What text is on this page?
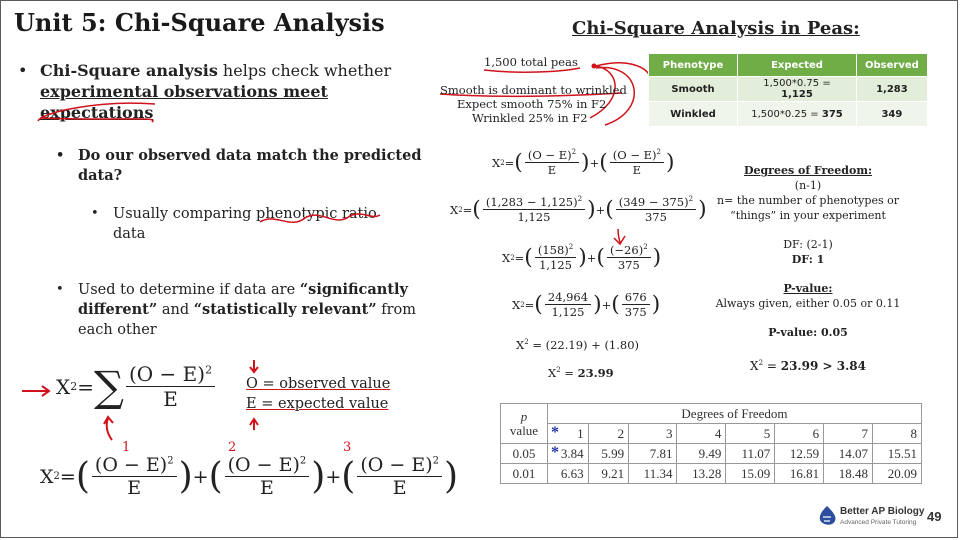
Unit 5: Chi-Square Analysis	Chi-Square Analysis in Peas:
• Chi-Square analysis helps check whether experimental observations meet expectations
• Do our observed data match the predicted data?
• Usually comparing phenotypic ratio data
• Used to determine if data are “significantly different” and “statistically relevant” from each other
1	2	3
X 2 = ∑ $\frac{(O - E)^2}{E}$ O = observed value
E = expected value
X 2 = ( $\frac{(O - E)^2}{E}$ ) + ( $\frac{(O - E)^2}{E}$ ) + ( $\frac{(O - E)^2}{E}$ )
1,500 total peas
Smooth is dominant to wrinkled
Expect smooth 75% in F2
Wrinkled 25% in F2
Phenotype	Expected	Observed
Smooth	1,500*0.75 = 1,125	1,283
Winkled	1,500*0.25 = 375	349
X 2 = ( $\frac{(O - E)^2}{E}$ ) + ( $\frac{(O - E)^2}{E}$ )
X 2 = ( $\frac{(1,283 - 1,125)^2}{1,125}$ ) + ( $\frac{(349 - 375)^2}{375}$ )
X 2 = ( $\frac{(158)^2}{1,125}$ ) + ( $\frac{(-26)^2}{375}$ )
X 2 = ( $\frac{24,964}{1,125}$ ) + ( $\frac{676}{375}$ )
$X^2 = (22.19) + (1.80)$
$X^2 = 23.99$
Degrees of Freedom:
(n-1)
n= the number of phenotypes or
“things” in your experiment
DF: (2-1)
DF: 1
P-value:
Always given, either 0.05 or 0.11
P-value: 0.05
$X^2 = 23.99 > 3.84$
p
value	Degrees of Freedom							

	* 1	2	3	4	5	6	7	8
0.05	* 3.84	5.99	7.81	9.49	11.07	12.59	14.07	15.51
0.01	6.63	9.21	11.34	13.28	15.09	16.81	18.48	20.09
Better AP Biology
Advanced Private Tutoring 49
